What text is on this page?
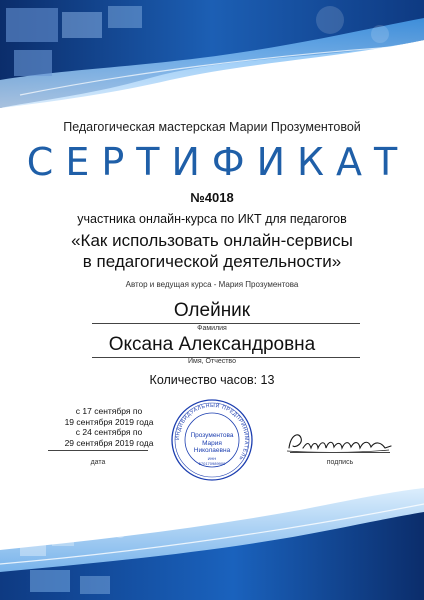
Педагогическая мастерская Марии Прозументовой
СЕРТИФИКАТ
№4018
участника онлайн-курса по ИКТ для педагогов
«Как использовать онлайн-сервисы
в педагогической деятельности»
Автор и ведущая курса - Мария Прозументова
Олейник
Фамилия
Оксана Александровна
Имя, Отчество
Количество часов: 13
с 17 сентября по
19 сентября 2019 года
с 24 сентября по
29 сентября 2019 года
дата
ИНДИВИДУАЛЬНЫЙ ПРЕДПРИНИМАТЕЛЬ
Прозументова
Мария
Николаевна
ИНН
570170989909	подпись
